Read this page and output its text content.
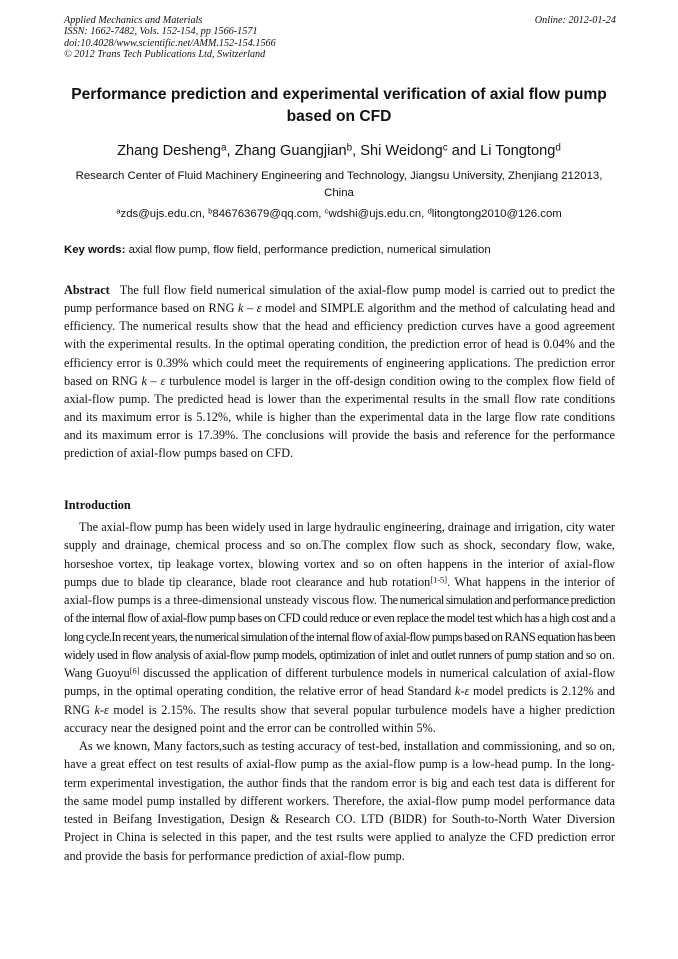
Applied Mechanics and Materials
ISSN: 1662-7482, Vols. 152-154, pp 1566-1571
doi:10.4028/www.scientific.net/AMM.152-154.1566
© 2012 Trans Tech Publications Ltd, Switzerland
Online: 2012-01-24
Performance prediction and experimental verification of axial flow pump based on CFD
Zhang Desheng$^a$, Zhang Guangjian$^b$, Shi Weidong$^c$ and Li Tongtong$^d$
Research Center of Fluid Machinery Engineering and Technology, Jiangsu University, Zhenjiang 212013, China
$^a$zds@ujs.edu.cn, $^b$846763679@qq.com, $^c$wdshi@ujs.edu.cn, $^d$litongtong2010@126.com
Key words: axial flow pump, flow field, performance prediction, numerical simulation
Abstract The full flow field numerical simulation of the axial-flow pump model is carried out to predict the pump performance based on RNG k – ε model and SIMPLE algorithm and the method of calculating head and efficiency. The numerical results show that the head and efficiency prediction curves have a good agreement with the experimental results. In the optimal operating condition, the prediction error of head is 0.04% and the efficiency error is 0.39% which could meet the requirements of engineering applications. The prediction error based on RNG k – ε turbulence model is larger in the off-design condition owing to the complex flow field of axial-flow pump. The predicted head is lower than the experimental results in the small flow rate conditions and its maximum error is 5.12%, while is higher than the experimental data in the large flow rate conditions and its maximum error is 17.39%. The conclusions will provide the basis and reference for the performance prediction of axial-flow pumps based on CFD.
Introduction

The axial-flow pump has been widely used in large hydraulic engineering, drainage and irrigation, city water supply and drainage, chemical process and so on.The complex flow such as shock, secondary flow, wake, horseshoe vortex, tip leakage vortex, blowing vortex and so on often happens in the interior of axial-flow pumps due to blade tip clearance, blade root clearance and hub rotation[1-5]. What happens in the interior of axial-flow pumps is a three-dimensional unsteady viscous flow. The numerical simulation and performance prediction of the internal flow of axial-flow pump bases on CFD could reduce or even replace the model test which has a high cost and a long cycle.In recent years, the numerical simulation of the internal flow of axial-flow pumps based on RANS equation has been widely used in flow analysis of axial-flow pump models, optimization of inlet and outlet runners of pump station and so on. Wang Guoyu[6] discussed the application of different turbulence models in numerical calculation of axial-flow pumps, in the optimal operating condition, the relative error of head Standard k-ε model predicts is 2.12% and RNG k-ε model is 2.15%. The results show that several popular turbulence models have a higher prediction accuracy near the designed point and the error can be controlled within 5%.

As we known, Many factors,such as testing accuracy of test-bed, installation and commissioning, and so on, have a great effect on test results of axial-flow pump as the axial-flow pump is a low-head pump. In the long-term experimental investigation, the author finds that the random error is big and each test data is different for the same model pump installed by different workers. Therefore, the axial-flow pump model performance data tested in Beifang Investigation, Design & Research CO. LTD (BIDR) for South-to-North Water Diversion Project in China is selected in this paper, and the test rsults were applied to analyze the CFD prediction error and provide the basis for performance prediction of axial-flow pump.
